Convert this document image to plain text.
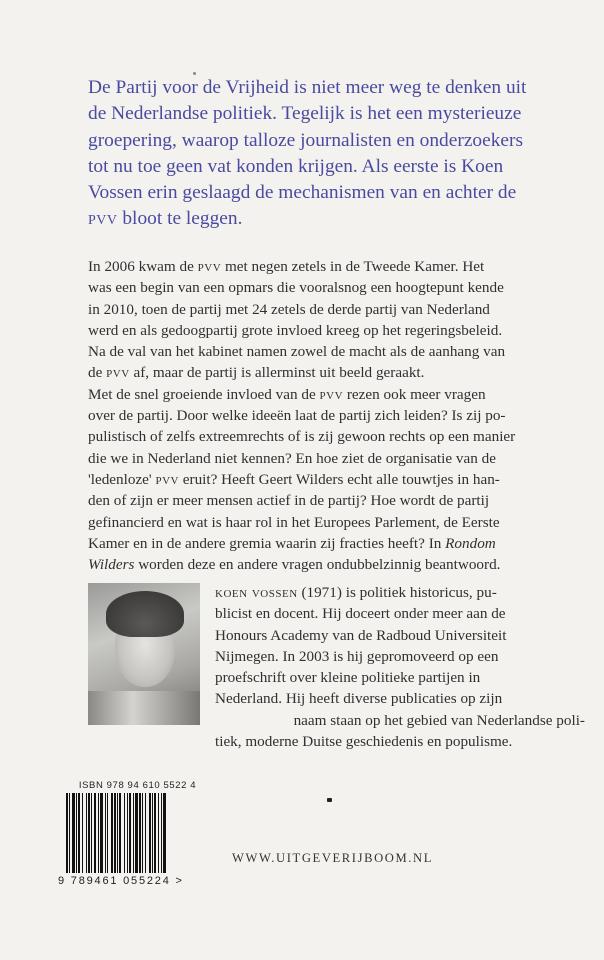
De Partij voor de Vrijheid is niet meer weg te denken uit
de Nederlandse politiek. Tegelijk is het een mysterieuze
groepering, waarop talloze journalisten en onderzoekers
tot nu toe geen vat konden krijgen. Als eerste is Koen
Vossen erin geslaagd de mechanismen van en achter de
pvv bloot te leggen.
In 2006 kwam de pvv met negen zetels in de Tweede Kamer. Het
was een begin van een opmars die vooralsnog een hoogtepunt kende
in 2010, toen de partij met 24 zetels de derde partij van Nederland
werd en als gedoogpartij grote invloed kreeg op het regeringsbeleid.
Na de val van het kabinet namen zowel de macht als de aanhang van
de pvv af, maar de partij is allerminst uit beeld geraakt.
Met de snel groeiende invloed van de pvv rezen ook meer vragen
over de partij. Door welke ideeën laat de partij zich leiden? Is zij po-
pulistisch of zelfs extreemrechts of is zij gewoon rechts op een manier
die we in Nederland niet kennen? En hoe ziet de organisatie van de
'ledenloze' pvv eruit? Heeft Geert Wilders echt alle touwtjes in han-
den of zijn er meer mensen actief in de partij? Hoe wordt de partij
gefinancierd en wat is haar rol in het Europees Parlement, de Eerste
Kamer en in de andere gremia waarin zij fracties heeft? In Rondom
Wilders worden deze en andere vragen ondubbelzinnig beantwoord.
koen vossen (1971) is politiek historicus, pu-
blicist en docent. Hij doceert onder meer aan de
Honours Academy van de Radboud Universiteit
Nijmegen. In 2003 is hij gepromoveerd op een
proefschrift over kleine politieke partijen in
Nederland. Hij heeft diverse publicaties op zijn
naam staan op het gebied van Nederlandse poli-
tiek, moderne Duitse geschiedenis en populisme.
ISBN 978 94 610 5522 4
9 789461 055224 >
WWW.UITGEVERIJBOOM.NL
